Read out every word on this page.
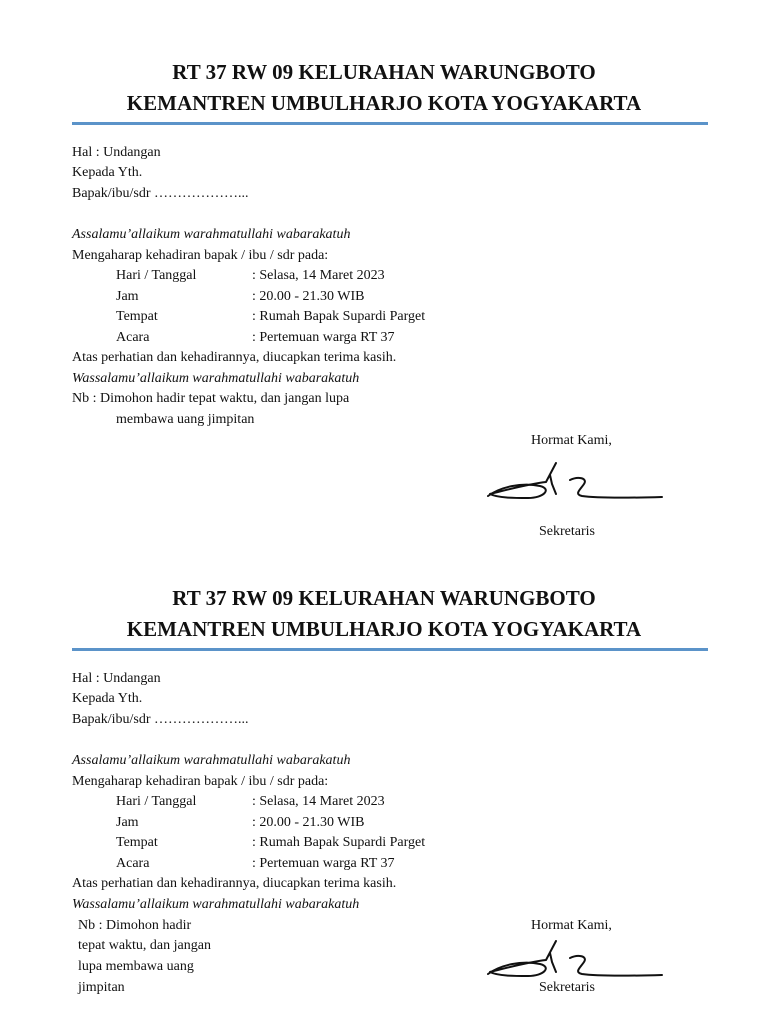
RT 37 RW 09 KELURAHAN WARUNGBOTO
KEMANTREN UMBULHARJO KOTA YOGYAKARTA
Hal : Undangan
Kepada Yth.
Bapak/ibu/sdr ………………...
Assalamu’allaikum warahmatullahi wabarakatuh
Mengaharap kehadiran bapak / ibu / sdr pada:
Hari / Tanggal	: Selasa, 14 Maret 2023
Jam	: 20.00 - 21.30 WIB
Tempat	: Rumah Bapak Supardi Parget
Acara	: Pertemuan warga RT 37
Atas perhatian dan kehadirannya, diucapkan terima kasih.
Wassalamu’allaikum warahmatullahi wabarakatuh
Nb : Dimohon hadir tepat waktu, dan jangan lupa
membawa uang jimpitan
Hormat Kami,
Sekretaris
RT 37 RW 09 KELURAHAN WARUNGBOTO
KEMANTREN UMBULHARJO KOTA YOGYAKARTA
Hal : Undangan
Kepada Yth.
Bapak/ibu/sdr ………………...
Assalamu’allaikum warahmatullahi wabarakatuh
Mengaharap kehadiran bapak / ibu / sdr pada:
Hari / Tanggal	: Selasa, 14 Maret 2023
Jam	: 20.00 - 21.30 WIB
Tempat	: Rumah Bapak Supardi Parget
Acara	: Pertemuan warga RT 37
Atas perhatian dan kehadirannya, diucapkan terima kasih.
Wassalamu’allaikum warahmatullahi wabarakatuh
Nb : Dimohon hadir
tepat waktu, dan jangan
lupa membawa uang
jimpitan
Hormat Kami,
Sekretaris
